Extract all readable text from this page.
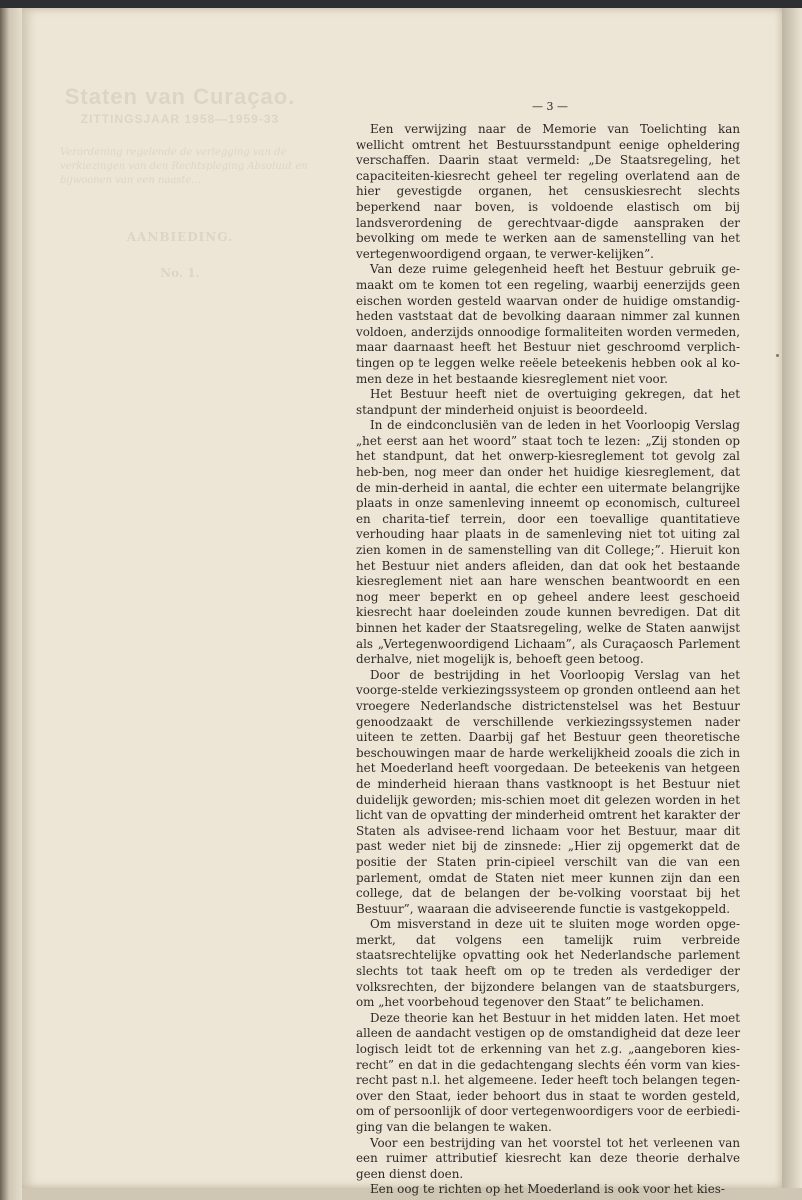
Staten van Curaçao.
ZITTINGSJAAR 1958—1959-33
Verordening regelende de verlegging van de verkiezingen van den Rechtspleging Absoluut en bijwoonen van een naaste...
AANBIEDING.
No. 1.
— 3 —

Een verwijzing naar de Memorie van Toelichting kan wellicht omtrent het Bestuursstandpunt eenige opheldering verschaffen. Daarin staat vermeld: „De Staatsregeling, het capaciteiten-kiesrecht geheel ter regeling overlatend aan de hier gevestigde organen, het censuskiesrecht slechts beperkend naar boven, is voldoende elastisch om bij landsverordening de gerechtvaar-digde aanspraken der bevolking om mede te werken aan de samenstelling van het vertegenwoordigend orgaan, te verwer-kelijken”.

Van deze ruime gelegenheid heeft het Bestuur gebruik ge-maakt om te komen tot een regeling, waarbij eenerzijds geen eischen worden gesteld waarvan onder de huidige omstandig-heden vaststaat dat de bevolking daaraan nimmer zal kunnen voldoen, anderzijds onnoodige formaliteiten worden vermeden, maar daarnaast heeft het Bestuur niet geschroomd verplich-tingen op te leggen welke reëele beteekenis hebben ook al ko-men deze in het bestaande kiesreglement niet voor.

Het Bestuur heeft niet de overtuiging gekregen, dat het standpunt der minderheid onjuist is beoordeeld.

In de eindconclusiën van de leden in het Voorloopig Verslag „het eerst aan het woord” staat toch te lezen: „Zij stonden op het standpunt, dat het onwerp-kiesreglement tot gevolg zal heb-ben, nog meer dan onder het huidige kiesreglement, dat de min-derheid in aantal, die echter een uitermate belangrijke plaats in onze samenleving inneemt op economisch, cultureel en charita-tief terrein, door een toevallige quantitatieve verhouding haar plaats in de samenleving niet tot uiting zal zien komen in de samenstelling van dit College;”. Hieruit kon het Bestuur niet anders afleiden, dan dat ook het bestaande kiesreglement niet aan hare wenschen beantwoordt en een nog meer beperkt en op geheel andere leest geschoeid kiesrecht haar doeleinden zoude kunnen bevredigen. Dat dit binnen het kader der Staatsregeling, welke de Staten aanwijst als „Vertegenwoordigend Lichaam”, als Curaçaosch Parlement derhalve, niet mogelijk is, behoeft geen betoog.

Door de bestrijding in het Voorloopig Verslag van het voorge-stelde verkiezingssysteem op gronden ontleend aan het vroegere Nederlandsche districtenstelsel was het Bestuur genoodzaakt de verschillende verkiezingssystemen nader uiteen te zetten. Daarbij gaf het Bestuur geen theoretische beschouwingen maar de harde werkelijkheid zooals die zich in het Moederland heeft voorgedaan. De beteekenis van hetgeen de minderheid hieraan thans vastknoopt is het Bestuur niet duidelijk geworden; mis-schien moet dit gelezen worden in het licht van de opvatting der minderheid omtrent het karakter der Staten als advisee-rend lichaam voor het Bestuur, maar dit past weder niet bij de zinsnede: „Hier zij opgemerkt dat de positie der Staten prin-cipieel verschilt van die van een parlement, omdat de Staten niet meer kunnen zijn dan een college, dat de belangen der be-volking voorstaat bij het Bestuur”, waaraan die adviseerende functie is vastgekoppeld.

Om misverstand in deze uit te sluiten moge worden opge-merkt, dat volgens een tamelijk ruim verbreide staatsrechtelijke opvatting ook het Nederlandsche parlement slechts tot taak heeft om op te treden als verdediger der volksrechten, der bijzondere belangen van de staatsburgers, om „het voorbehoud tegenover den Staat” te belichamen.

Deze theorie kan het Bestuur in het midden laten. Het moet alleen de aandacht vestigen op de omstandigheid dat deze leer logisch leidt tot de erkenning van het z.g. „aangeboren kies-recht” en dat in die gedachtengang slechts één vorm van kies-recht past n.l. het algemeene. Ieder heeft toch belangen tegen-over den Staat, ieder behoort dus in staat te worden gesteld, om of persoonlijk of door vertegenwoordigers voor de eerbiedi-ging van die belangen te waken.

Voor een bestrijding van het voorstel tot het verleenen van een ruimer attributief kiesrecht kan deze theorie derhalve geen dienst doen.

Een oog te richten op het Moederland is ook voor het kies-
